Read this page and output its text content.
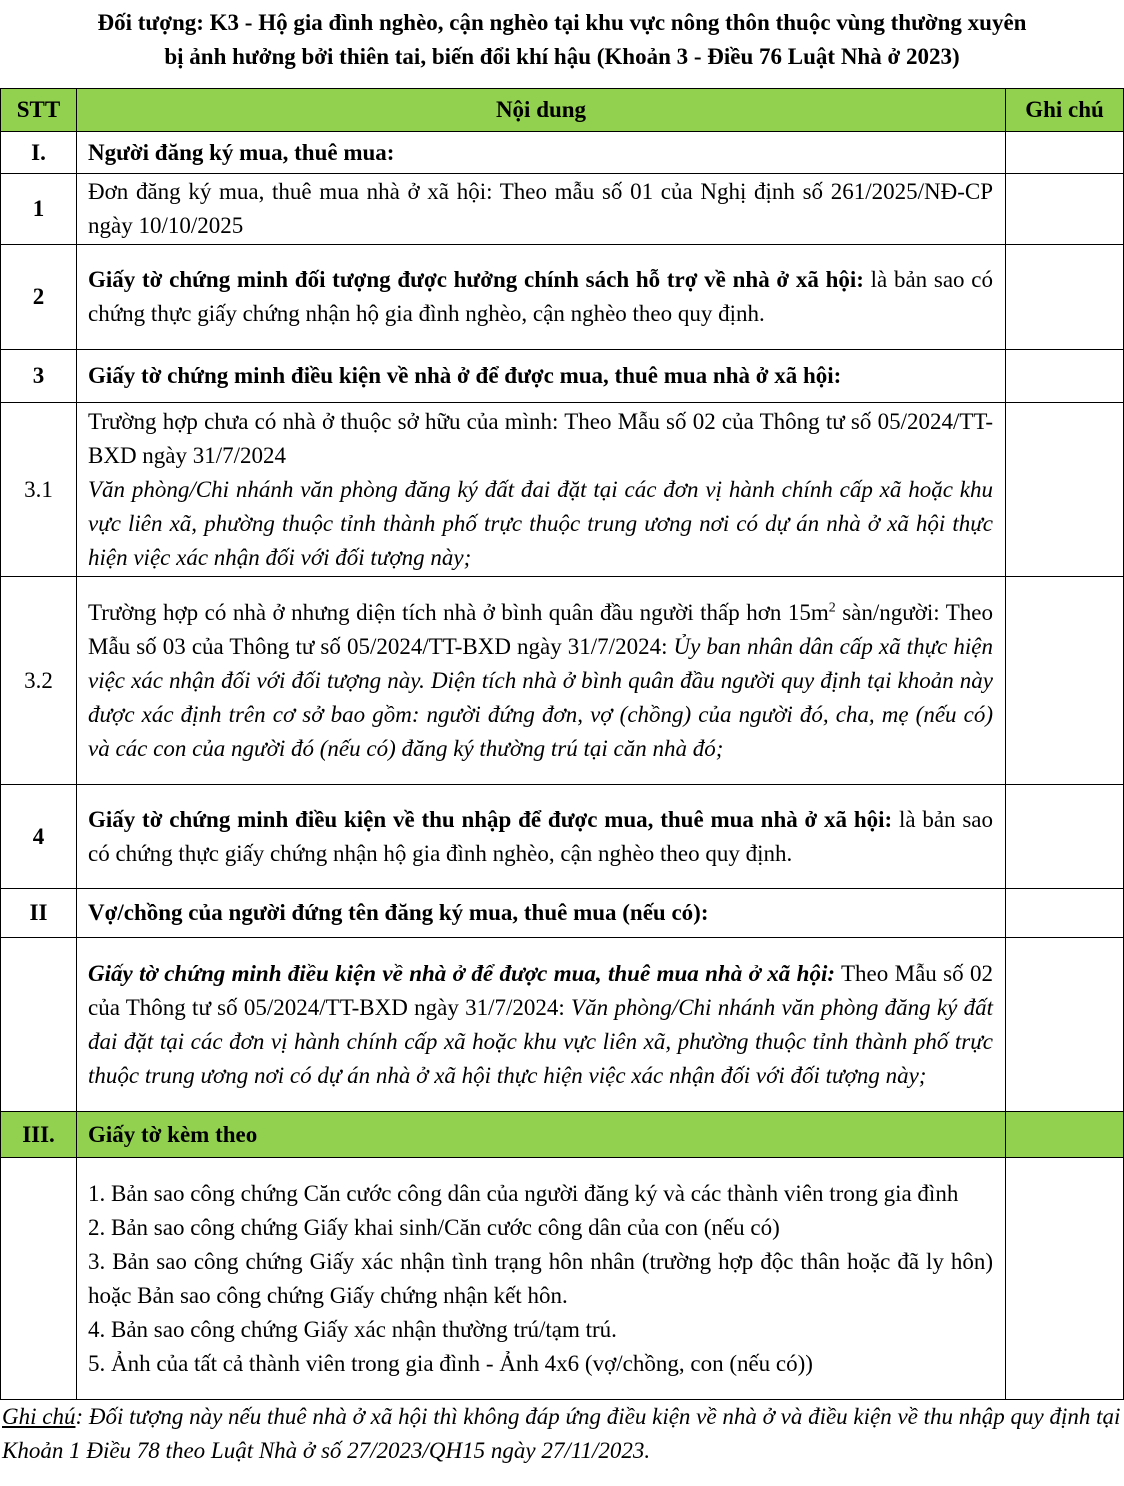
Đối tượng: K3 - Hộ gia đình nghèo, cận nghèo tại khu vực nông thôn thuộc vùng thường xuyên
bị ảnh hưởng bởi thiên tai, biến đổi khí hậu (Khoản 3 - Điều 76 Luật Nhà ở 2023)
STT	Nội dung	Ghi chú
I.	Người đăng ký mua, thuê mua:	
1	Đơn đăng ký mua, thuê mua nhà ở xã hội: Theo mẫu số 01 của Nghị định số 261/2025/NĐ-CP ngày 10/10/2025	
2	Giấy tờ chứng minh đối tượng được hưởng chính sách hỗ trợ về nhà ở xã hội: là bản sao có chứng thực giấy chứng nhận hộ gia đình nghèo, cận nghèo theo quy định.	
3	Giấy tờ chứng minh điều kiện về nhà ở để được mua, thuê mua nhà ở xã hội:	
3.1	Trường hợp chưa có nhà ở thuộc sở hữu của mình: Theo Mẫu số 02 của Thông tư số 05/2024/TT-BXD ngày 31/7/2024
Văn phòng/Chi nhánh văn phòng đăng ký đất đai đặt tại các đơn vị hành chính cấp xã hoặc khu vực liên xã, phường thuộc tỉnh thành phố trực thuộc trung ương nơi có dự án nhà ở xã hội thực hiện việc xác nhận đối với đối tượng này;	

3.2	Trường hợp có nhà ở nhưng diện tích nhà ở bình quân đầu người thấp hơn $15m^2$ sàn/người: Theo Mẫu số 03 của Thông tư số 05/2024/TT-BXD ngày 31/7/2024: Ủy ban nhân dân cấp xã thực hiện việc xác nhận đối với đối tượng này. Diện tích nhà ở bình quân đầu người quy định tại khoản này được xác định trên cơ sở bao gồm: người đứng đơn, vợ (chồng) của người đó, cha, mẹ (nếu có) và các con của người đó (nếu có) đăng ký thường trú tại căn nhà đó;	
4	Giấy tờ chứng minh điều kiện về thu nhập để được mua, thuê mua nhà ở xã hội: là bản sao có chứng thực giấy chứng nhận hộ gia đình nghèo, cận nghèo theo quy định.	
II	Vợ/chồng của người đứng tên đăng ký mua, thuê mua (nếu có):	
	Giấy tờ chứng minh điều kiện về nhà ở để được mua, thuê mua nhà ở xã hội: Theo Mẫu số 02 của Thông tư số 05/2024/TT-BXD ngày 31/7/2024: Văn phòng/Chi nhánh văn phòng đăng ký đất đai đặt tại các đơn vị hành chính cấp xã hoặc khu vực liên xã, phường thuộc tỉnh thành phố trực thuộc trung ương nơi có dự án nhà ở xã hội thực hiện việc xác nhận đối với đối tượng này;	
III.	Giấy tờ kèm theo	

	1. Bản sao công chứng Căn cước công dân của người đăng ký và các thành viên trong gia đình
2. Bản sao công chứng Giấy khai sinh/Căn cước công dân của con (nếu có)
3. Bản sao công chứng Giấy xác nhận tình trạng hôn nhân (trường hợp độc thân hoặc đã ly hôn) hoặc Bản sao công chứng Giấy chứng nhận kết hôn.
4. Bản sao công chứng Giấy xác nhận thường trú/tạm trú.
5. Ảnh của tất cả thành viên trong gia đình - Ảnh 4x6 (vợ/chồng, con (nếu có))	

Ghi chú: Đối tượng này nếu thuê nhà ở xã hội thì không đáp ứng điều kiện về nhà ở và điều kiện về thu nhập quy định tại Khoản 1 Điều 78 theo Luật Nhà ở số 27/2023/QH15 ngày 27/11/2023.
